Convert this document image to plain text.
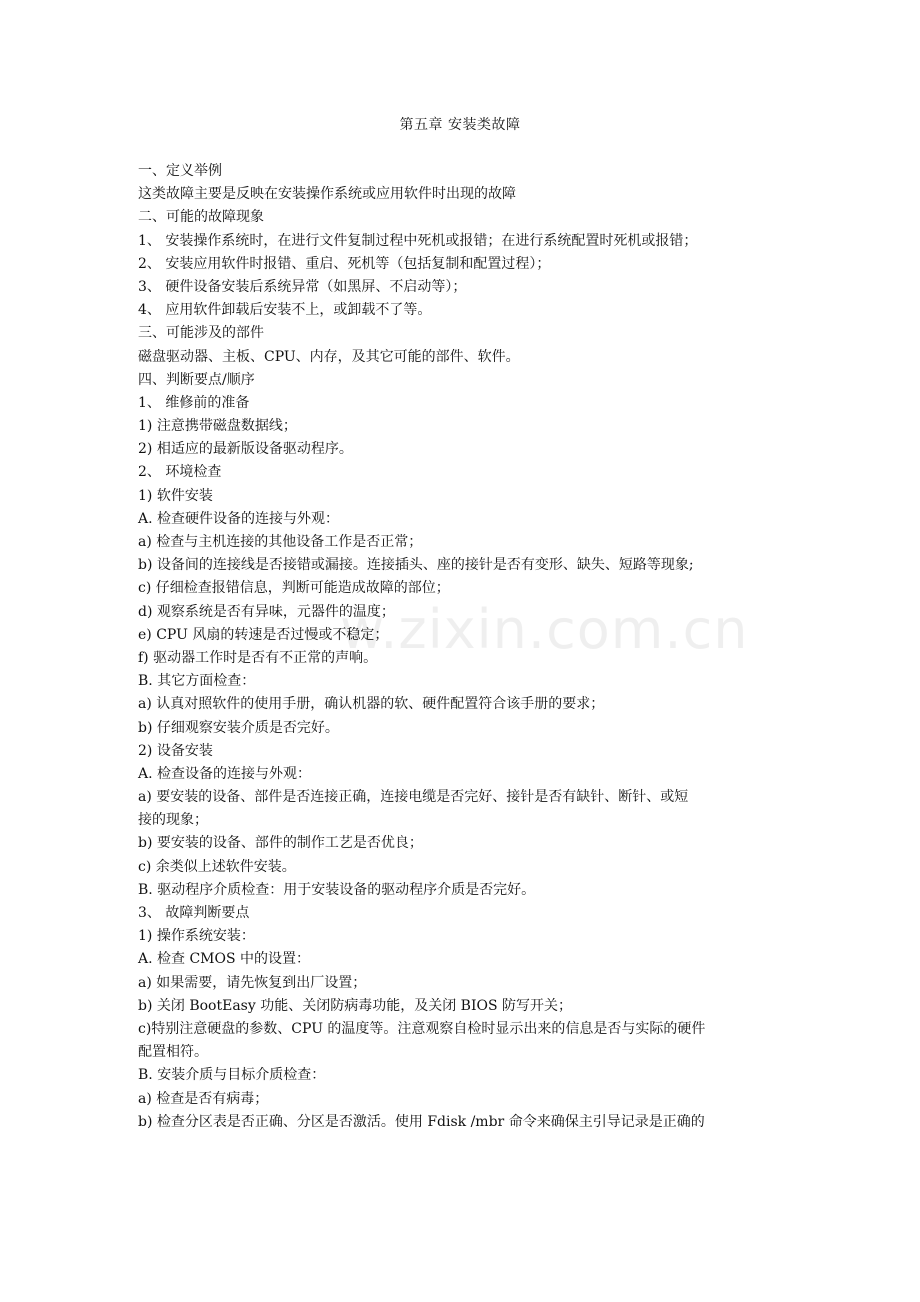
第五章 安装类故障
一、定义举例
这类故障主要是反映在安装操作系统或应用软件时出现的故障
二、可能的故障现象
1、 安装操作系统时，在进行文件复制过程中死机或报错；在进行系统配置时死机或报错；
2、 安装应用软件时报错、重启、死机等（包括复制和配置过程）；
3、 硬件设备安装后系统异常（如黑屏、不启动等）；
4、 应用软件卸载后安装不上，或卸载不了等。
三、可能涉及的部件
磁盘驱动器、主板、CPU、内存，及其它可能的部件、软件。
四、判断要点/顺序
1、 维修前的准备
1) 注意携带磁盘数据线；
2) 相适应的最新版设备驱动程序。
2、 环境检查
1) 软件安装
A. 检查硬件设备的连接与外观：
a) 检查与主机连接的其他设备工作是否正常；
b) 设备间的连接线是否接错或漏接。连接插头、座的接针是否有变形、缺失、短路等现象;
c) 仔细检查报错信息，判断可能造成故障的部位；
d) 观察系统是否有异味，元器件的温度；
e) CPU 风扇的转速是否过慢或不稳定；
f) 驱动器工作时是否有不正常的声响。
B. 其它方面检查：
a) 认真对照软件的使用手册，确认机器的软、硬件配置符合该手册的要求；
b) 仔细观察安装介质是否完好。
2) 设备安装
A. 检查设备的连接与外观：
a) 要安装的设备、部件是否连接正确，连接电缆是否完好、接针是否有缺针、断针、或短
接的现象；
b) 要安装的设备、部件的制作工艺是否优良；
c) 余类似上述软件安装。
B. 驱动程序介质检查：用于安装设备的驱动程序介质是否完好。
3、 故障判断要点
1) 操作系统安装：
A. 检查 CMOS 中的设置：
a) 如果需要，请先恢复到出厂设置；
b) 关闭 BootEasy 功能、关闭防病毒功能，及关闭 BIOS 防写开关；
c)特别注意硬盘的参数、CPU 的温度等。注意观察自检时显示出来的信息是否与实际的硬件
配置相符。
B. 安装介质与目标介质检查：
a) 检查是否有病毒；
b) 检查分区表是否正确、分区是否激活。使用 Fdisk /mbr 命令来确保主引导记录是正确的
w.zixin.com.cn
